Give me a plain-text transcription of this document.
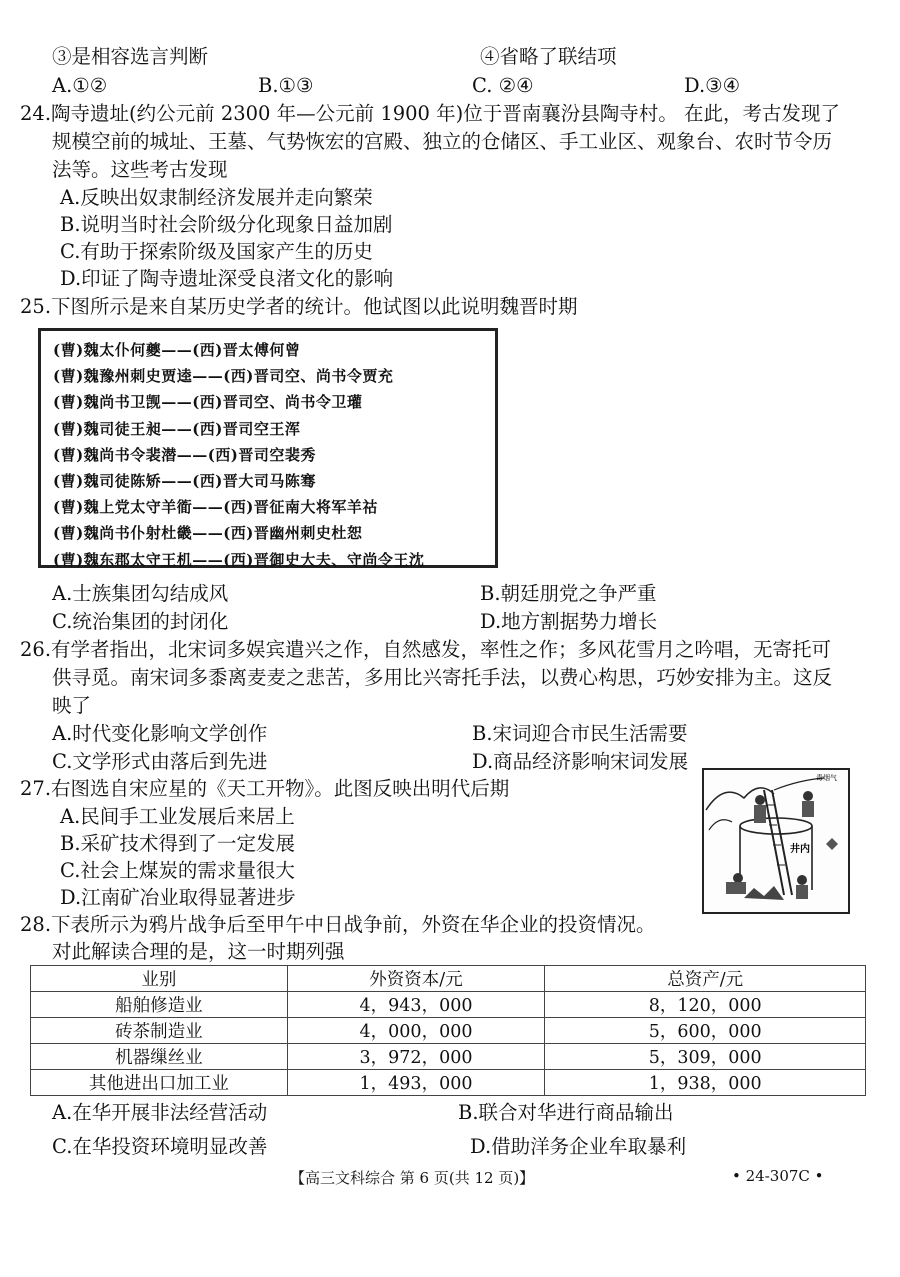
③是相容选言判断	④省略了联结项
A.①②	B.①③	C. ②④	D.③④
24.陶寺遗址(约公元前 2300 年—公元前 1900 年)位于晋南襄汾县陶寺村。 在此，考古发现了
规模空前的城址、王墓、气势恢宏的宫殿、独立的仓储区、手工业区、观象台、农时节令历
法等。这些考古发现
A.反映出奴隶制经济发展并走向繁荣
B.说明当时社会阶级分化现象日益加剧
C.有助于探索阶级及国家产生的历史
D.印证了陶寺遗址深受良渚文化的影响
25.下图所示是来自某历史学者的统计。他试图以此说明魏晋时期
(曹)魏太仆何夔——(西)晋太傅何曾
(曹)魏豫州刺史贾逵——(西)晋司空、尚书令贾充
(曹)魏尚书卫觊——(西)晋司空、尚书令卫瓘
(曹)魏司徒王昶——(西)晋司空王浑
(曹)魏尚书令裴潜——(西)晋司空裴秀
(曹)魏司徒陈矫——(西)晋大司马陈骞
(曹)魏上党太守羊衜——(西)晋征南大将军羊祜
(曹)魏尚书仆射杜畿——(西)晋幽州刺史杜恕
(曹)魏东郡太守王机——(西)晋御史大夫、守尚令王沈
A.士族集团勾结成风	B.朝廷朋党之争严重
C.统治集团的封闭化	D.地方割据势力增长
26.有学者指出，北宋词多娱宾遣兴之作，自然感发，率性之作；多风花雪月之吟唱，无寄托可
供寻觅。南宋词多黍离麦麦之悲苦，多用比兴寄托手法，以费心构思，巧妙安排为主。这反
映了
A.时代变化影响文学创作	B.宋词迎合市民生活需要
C.文学形式由落后到先进	D.商品经济影响宋词发展
27.右图选自宋应星的《天工开物》。此图反映出明代后期
A.民间手工业发展后来居上
B.采矿技术得到了一定发展
C.社会上煤炭的需求量很大
D.江南矿冶业取得显著进步
毒烟气
井内
28.下表所示为鸦片战争后至甲午中日战争前，外资在华企业的投资情况。
对此解读合理的是，这一时期列强
业别	外资资本/元	总资产/元
船舶修造业	4，943，000	8，120，000
砖茶制造业	4，000，000	5，600，000
机器缫丝业	3，972，000	5，309，000
其他进出口加工业	1，493，000	1，938，000
A.在华开展非法经营活动	B.联合对华进行商品输出
C.在华投资环境明显改善	D.借助洋务企业牟取暴利
【高三文科综合 第 6 页(共 12 页)】	• 24-307C •
